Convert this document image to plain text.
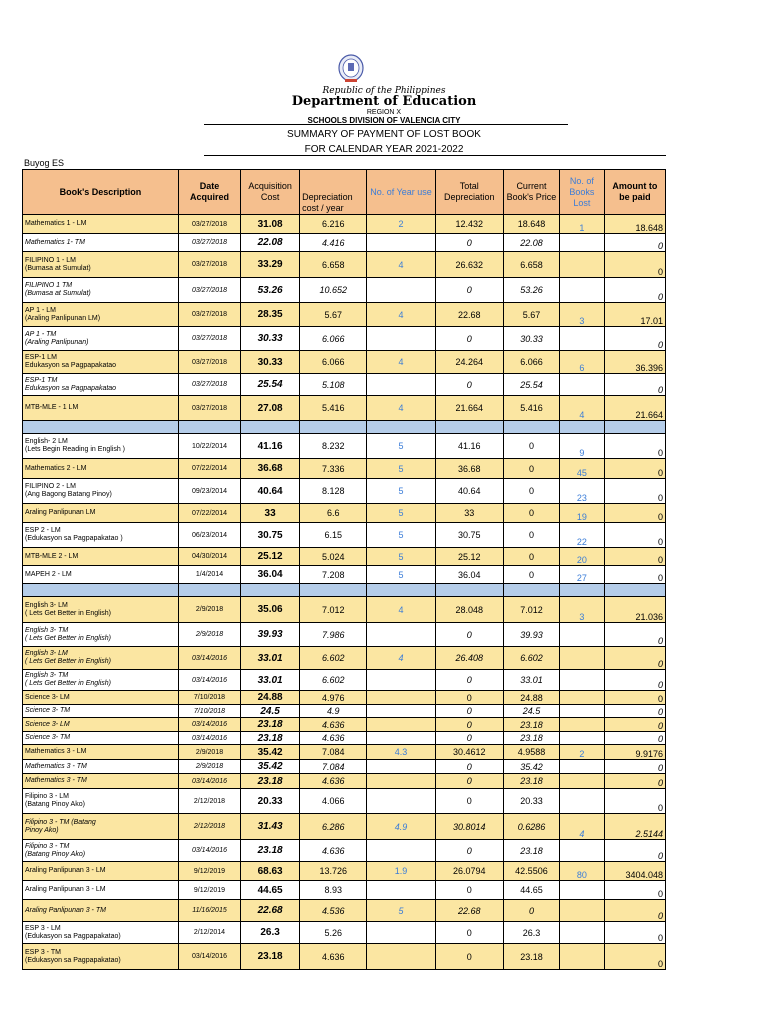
Republic of the Philippines
Department of Education
REGION X
SCHOOLS DIVISION OF VALENCIA CITY
SUMMARY OF PAYMENT OF LOST BOOK
FOR CALENDAR YEAR 2021-2022
Buyog ES
Book's Description	Date Acquired	Acquisition Cost	Depreciation cost / year	No. of Year use	Total Depreciation	Current Book's Price	No. of Books Lost	Amount to be paid

Mathematics 1 - LM	03/27/2018	31.08	6.216	2	12.432	18.648	1	18.648

Mathematics 1- TM	03/27/2018	22.08	4.416		0	22.08		0

FILIPINO 1 - LM
(Bumasa at Sumulat)	03/27/2018	33.29	6.658	4	26.632	6.658		0

FILIPINO 1 TM
(Bumasa at Sumulat)	03/27/2018	53.26	10.652		0	53.26		0

AP 1 - LM
(Araling Panlipunan LM)	03/27/2018	28.35	5.67	4	22.68	5.67	3	17.01

AP 1 - TM
(Araling Panlipunan)	03/27/2018	30.33	6.066		0	30.33		0

ESP-1 LM
Edukasyon sa Pagpapakatao	03/27/2018	30.33	6.066	4	24.264	6.066	6	36.396

ESP-1 TM
Edukasyon sa Pagpapakatao	03/27/2018	25.54	5.108		0	25.54		0

MTB-MLE - 1 LM	03/27/2018	27.08	5.416	4	21.664	5.416	4	21.664

English- 2 LM
(Lets Begin Reading in English )	10/22/2014	41.16	8.232	5	41.16	0	9	0

Mathematics 2 - LM	07/22/2014	36.68	7.336	5	36.68	0	45	0

FILIPINO 2 - LM
(Ang Bagong Batang Pinoy)	09/23/2014	40.64	8.128	5	40.64	0	23	0

Araling Panlipunan LM	07/22/2014	33	6.6	5	33	0	19	0

ESP 2 - LM
(Edukasyon sa Pagpapakatao )	06/23/2014	30.75	6.15	5	30.75	0	22	0

MTB-MLE 2 - LM	04/30/2014	25.12	5.024	5	25.12	0	20	0

MAPEH 2 - LM	1/4/2014	36.04	7.208	5	36.04	0	27	0

English 3- LM
( Lets Get Better in English)	2/9/2018	35.06	7.012	4	28.048	7.012	3	21.036

English 3- TM
( Lets Get Better in English)	2/9/2018	39.93	7.986		0	39.93		0

English 3- LM
( Lets Get Better in English)	03/14/2016	33.01	6.602	4	26.408	6.602		0

English 3- TM
( Lets Get Better in English)	03/14/2016	33.01	6.602		0	33.01		0

Science 3- LM	7/10/2018	24.88	4.976		0	24.88		0

Science 3- TM	7/10/2018	24.5	4.9		0	24.5		0

Science 3- LM	03/14/2016	23.18	4.636		0	23.18		0

Science 3- TM	03/14/2016	23.18	4.636		0	23.18		0

Mathematics 3 - LM	2/9/2018	35.42	7.084	4.3	30.4612	4.9588	2	9.9176

Mathematics 3 - TM	2/9/2018	35.42	7.084		0	35.42		0

Mathematics 3 - TM	03/14/2016	23.18	4.636		0	23.18		0

Filipino 3 - LM
(Batang Pinoy Ako)	2/12/2018	20.33	4.066		0	20.33		0

Filipino 3 - TM (Batang
Pinoy Ako)	2/12/2018	31.43	6.286	4.9	30.8014	0.6286	4	2.5144

Filipino 3 - TM
(Batang Pinoy Ako)	03/14/2016	23.18	4.636		0	23.18		0

Araling Panlipunan 3 - LM	9/12/2019	68.63	13.726	1.9	26.0794	42.5506	80	3404.048

Araling Panlipunan 3 - LM	9/12/2019	44.65	8.93		0	44.65		0

Araling Panlipunan 3 - TM	11/16/2015	22.68	4.536	5	22.68	0		0

ESP 3 - LM
(Edukasyon sa Pagpapakatao)	2/12/2014	26.3	5.26		0	26.3		0

ESP 3 - TM
(Edukasyon sa Pagpapakatao)	03/14/2016	23.18	4.636		0	23.18		0
